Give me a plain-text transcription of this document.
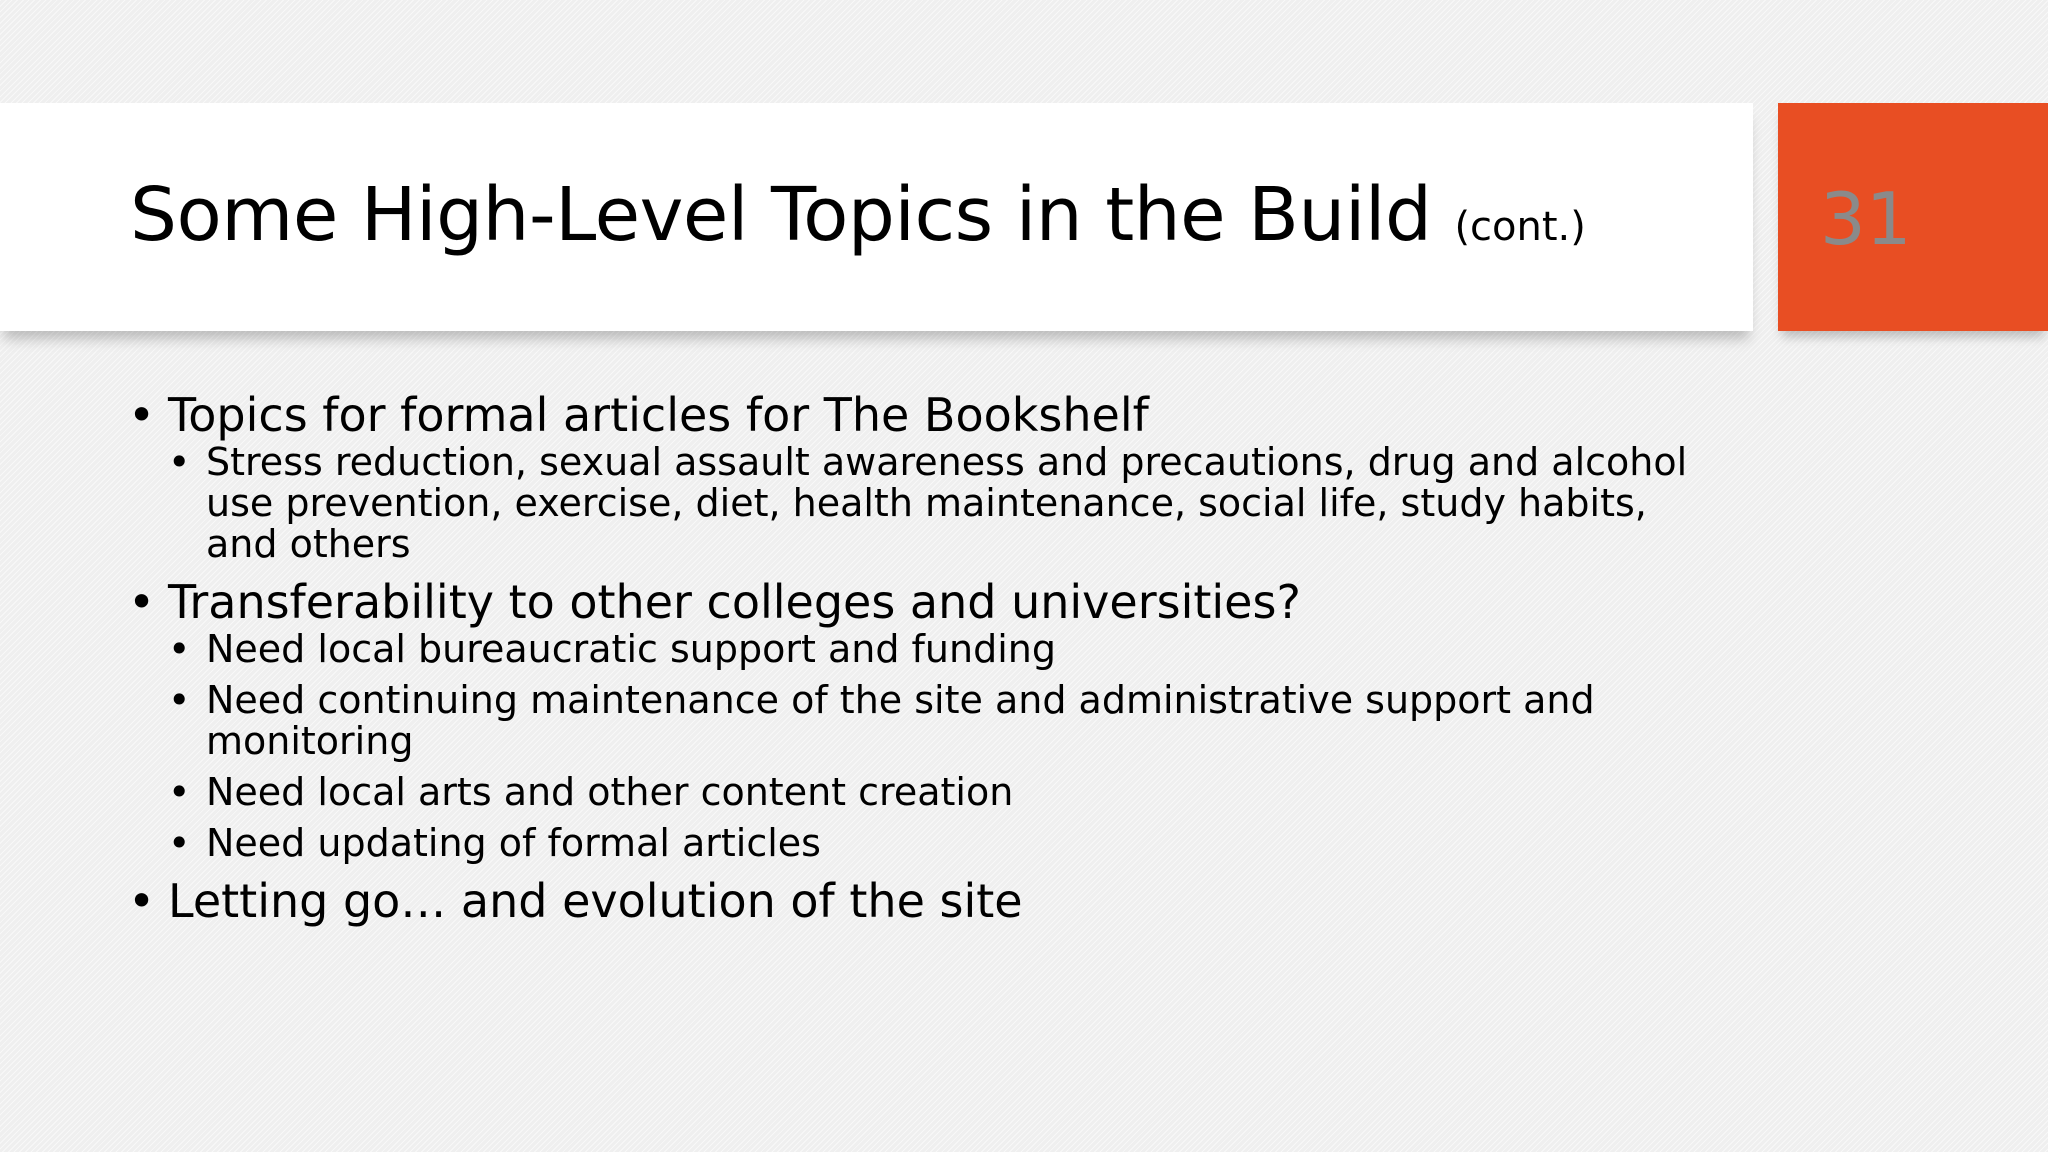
Some High-Level Topics in the Build (cont.)	31
• Topics for formal articles for The Bookshelf
• Stress reduction, sexual assault awareness and precautions, drug and alcohol use prevention, exercise, diet, health maintenance, social life, study habits, and others
• Transferability to other colleges and universities?
• Need local bureaucratic support and funding
• Need continuing maintenance of the site and administrative support and monitoring
• Need local arts and other content creation
• Need updating of formal articles
• Letting go… and evolution of the site
